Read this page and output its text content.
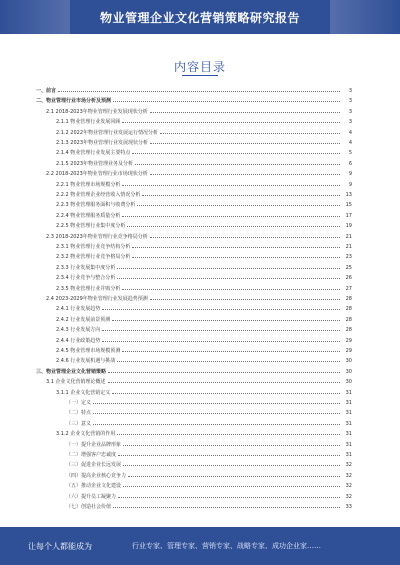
物业管理企业文化营销策略研究报告
内容目录
一、前言	3
二、物业管理行业市场分析及预测	3
2.1 2018-2023年物业管理行业发展现状分析	3
2.1.1 物业管理行业发展回顾	3
2.1.2 2022年物业管理行业发展运行情况分析	4
2.1.3 2023年物业管理行业发展现状分析	4
2.1.4 物业管理行业发展主要特点	5
2.1.5 2023年物业管理业务及分析	6
2.2 2018-2023年物业管理行业市场现状分析	9
2.2.1 物业管理市场规模分析	9
2.2.2 物业管理企业经营收入情况分析	13
2.2.3 物业管理服务面积与收费分析	15
2.2.4 物业管理服务质量分析	17
2.2.5 物业管理行业集中度分析	19
2.3 2018-2023年物业管理行业竞争格局分析	21
2.3.1 物业管理行业竞争结构分析	21
2.3.2 物业管理行业竞争格局分析	23
2.3.3 行业发展集中度分析	25
2.3.4 行业竞争与整合分析	26
2.3.5 物业管理行业并购分析	27
2.4 2023-2029年物业管理行业发展趋势预测	28
2.4.1 行业发展趋势	28
2.4.2 行业发展前景预测	28
2.4.3 行业发展方向	28
2.4.4 行业政策趋势	29
2.4.5 物业管理市场规模预测	29
2.4.6 行业发展机遇与挑战	30
三、物业管理企业文化营销策略	30
3.1 企业文化营销理论概述	30
3.1.1 企业文化营销定义	31
（一）定义	31
（二）特点	31
（三）意义	31
3.1.2 企业文化营销的作用	31
（一）提升企业品牌形象	31
（二）增强客户忠诚度	31
（三）促进企业长远发展	32
（四）提高企业核心竞争力	32
（五）推动企业文化建设	32
（六）提升员工凝聚力	32
（七）创造社会价值	33
让每个人都能成为	行业专家、管理专家、营销专家、战略专家、成功企业家……
